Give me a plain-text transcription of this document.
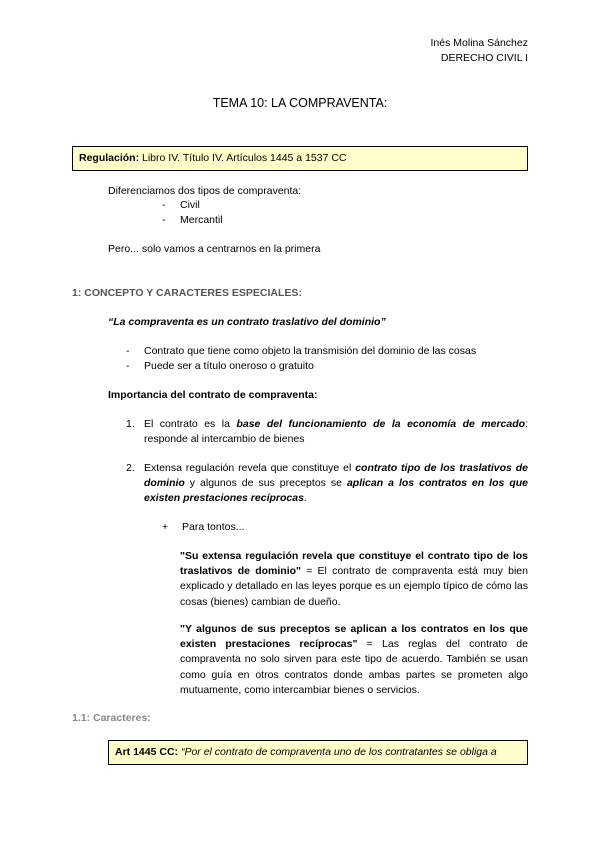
Inés Molina Sánchez
DERECHO CIVIL I
TEMA 10: LA COMPRAVENTA:
Regulación: Libro IV. Título IV. Artículos 1445 a 1537 CC
Diferenciamos dos tipos de compraventa:
- Civil
- Mercantil
Pero... solo vamos a centrarnos en la primera
1: CONCEPTO Y CARACTERES ESPECIALES:
“La compraventa es un contrato traslativo del dominio”
- Contrato que tiene como objeto la transmisión del dominio de las cosas
- Puede ser a título oneroso o gratuito
Importancia del contrato de compraventa:
1. El contrato es la base del funcionamiento de la economía de mercado: responde al intercambio de bienes
2. Extensa regulación revela que constituye el contrato tipo de los traslativos de dominio y algunos de sus preceptos se aplican a los contratos en los que existen prestaciones recíprocas.
+ Para tontos...
"Su extensa regulación revela que constituye el contrato tipo de los traslativos de dominio" = El contrato de compraventa está muy bien explicado y detallado en las leyes porque es un ejemplo típico de cómo las cosas (bienes) cambian de dueño.
"Y algunos de sus preceptos se aplican a los contratos en los que existen prestaciones recíprocas" = Las reglas del contrato de compraventa no solo sirven para este tipo de acuerdo. También se usan como guía en otros contratos donde ambas partes se prometen algo mutuamente, como intercambiar bienes o servicios.
1.1: Caracteres:
Art 1445 CC: “Por el contrato de compraventa uno de los contratantes se obliga a
